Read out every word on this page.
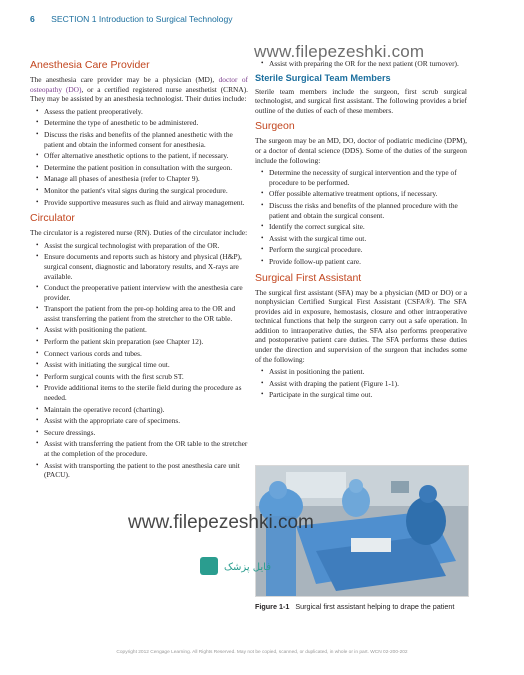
6 SECTION 1 Introduction to Surgical Technology
Anesthesia Care Provider

The anesthesia care provider may be a physician (MD), doctor of osteopathy (DO), or a certified registered nurse anesthetist (CRNA). They may be assisted by an anesthesia technologist. Their duties include:

• Assess the patient preoperatively.
• Determine the type of anesthetic to be administered.
• Discuss the risks and benefits of the planned anesthetic with the patient and obtain the informed consent for anesthesia.
• Offer alternative anesthetic options to the patient, if necessary.
• Determine the patient position in consultation with the surgeon.
• Manage all phases of anesthesia (refer to Chapter 9).
• Monitor the patient's vital signs during the surgical procedure.
• Provide supportive measures such as fluid and airway management.
Circulator

The circulator is a registered nurse (RN). Duties of the circulator include:

• Assist the surgical technologist with preparation of the OR.
• Ensure documents and reports such as history and physical (H&P), surgical consent, diagnostic and laboratory results, and X-rays are available.
• Conduct the preoperative patient interview with the anesthesia care provider.
• Transport the patient from the pre-op holding area to the OR and assist transferring the patient from the stretcher to the OR table.
• Assist with positioning the patient.
• Perform the patient skin preparation (see Chapter 12).
• Connect various cords and tubes.
• Assist with initiating the surgical time out.
• Perform surgical counts with the first scrub ST.
• Provide additional items to the sterile field during the procedure as needed.
• Maintain the operative record (charting).
• Assist with the appropriate care of specimens.
• Secure dressings.
• Assist with transferring the patient from the OR table to the stretcher at the completion of the procedure.
• Assist with transporting the patient to the post anesthesia care unit (PACU).
• Assist with preparing the OR for the next patient (OR turnover).
Sterile Surgical Team Members

Sterile team members include the surgeon, first scrub surgical technologist, and surgical first assistant. The following provides a brief outline of the duties of each of these members.

Surgeon

The surgeon may be an MD, DO, doctor of podiatric medicine (DPM), or a doctor of dental science (DDS). Some of the duties of the surgeon include the following:

• Determine the necessity of surgical intervention and the type of procedure to be performed.
• Offer possible alternative treatment options, if necessary.
• Discuss the risks and benefits of the planned procedure with the patient and obtain the surgical consent.
• Identify the correct surgical site.
• Assist with the surgical time out.
• Perform the surgical procedure.
• Provide follow-up patient care.
Surgical First Assistant

The surgical first assistant (SFA) may be a physician (MD or DO) or a nonphysician Certified Surgical First Assistant (CSFA®). The SFA provides aid in exposure, hemostasis, closure and other intraoperative technical functions that help the surgeon carry out a safe operation. In addition to intraoperative duties, the SFA also performs preoperative and postoperative patient care duties. The SFA performs these duties under the direction and supervision of the surgeon that includes some of the following:

• Assist in positioning the patient.
• Assist with draping the patient (Figure 1-1).
• Participate in the surgical time out.
Figure 1-1 Surgical first assistant helping to drape the patient
www.filepezeshki.com
www.filepezeshki.com
فایل پزشک
Copyright 2012 Cengage Learning. All Rights Reserved. May not be copied, scanned, or duplicated, in whole or in part. WCN 02-200-202
